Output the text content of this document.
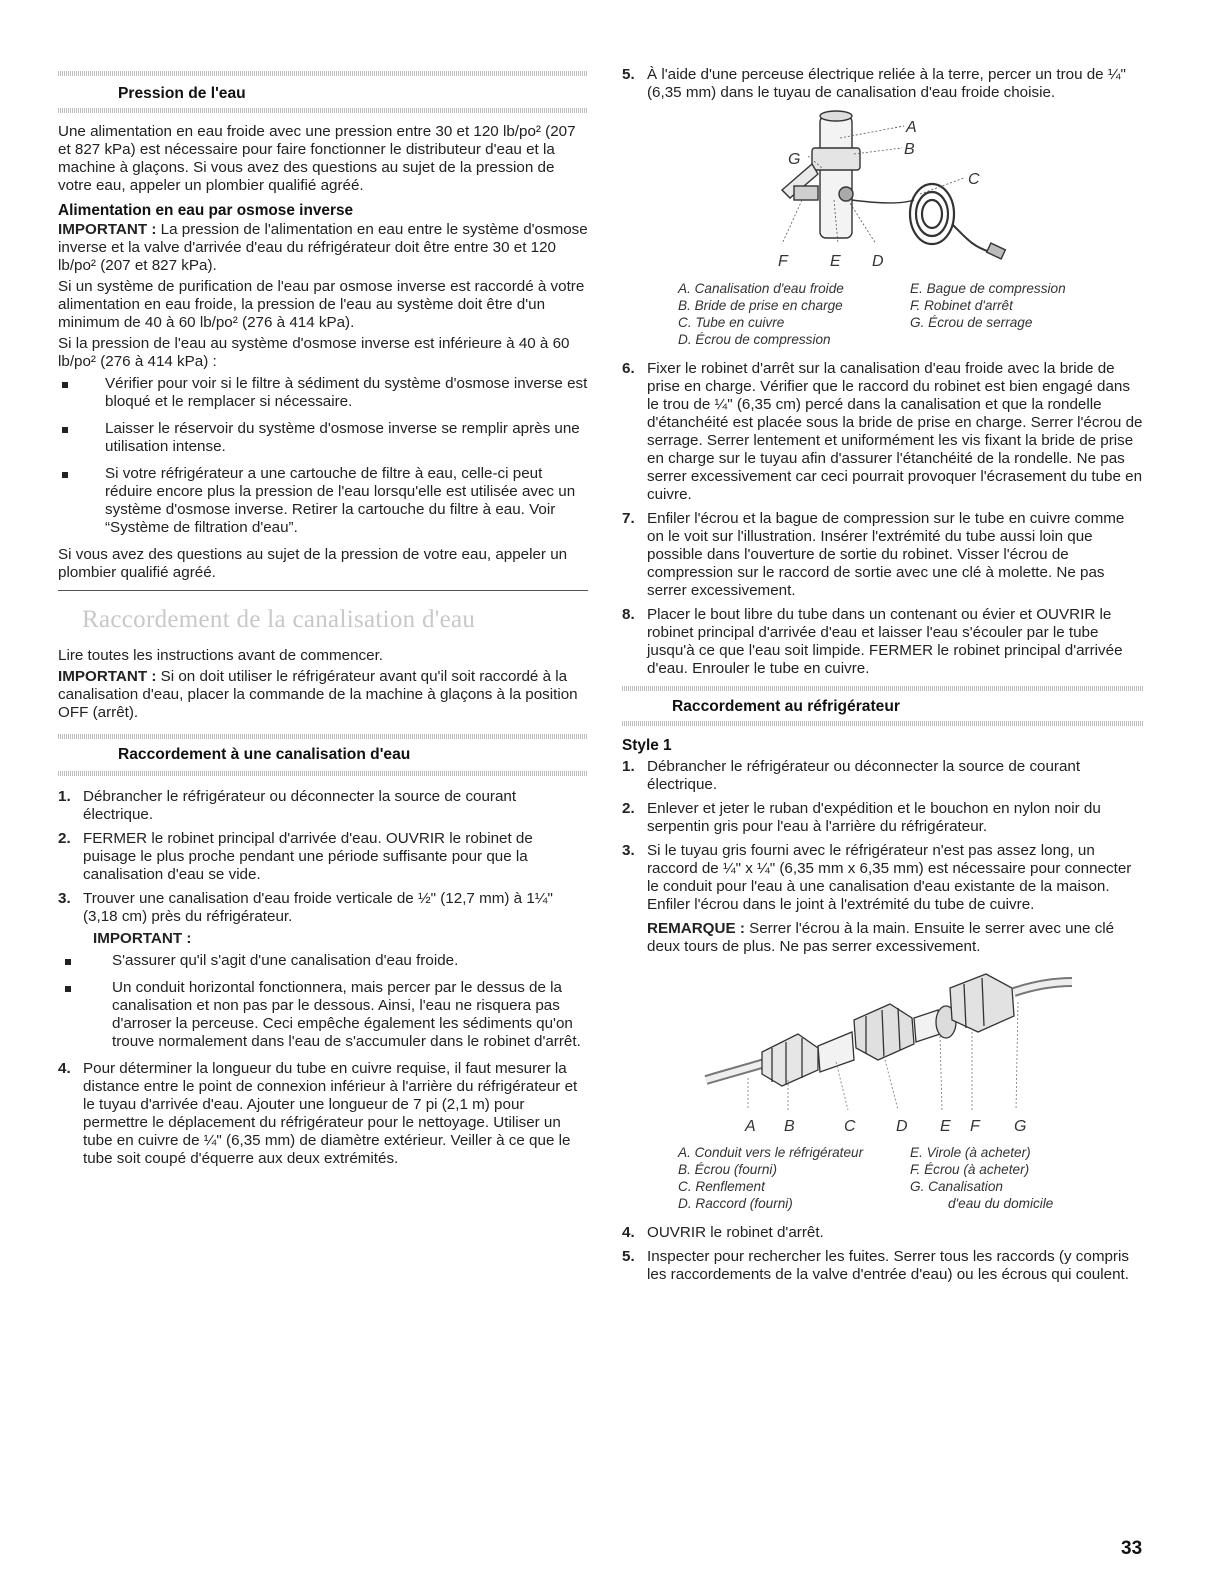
Pression de l'eau

Une alimentation en eau froide avec une pression entre 30 et 120 lb/po² (207 et 827 kPa) est nécessaire pour faire fonctionner le distributeur d'eau et la machine à glaçons. Si vous avez des questions au sujet de la pression de votre eau, appeler un plombier qualifié agréé.

Alimentation en eau par osmose inverse

IMPORTANT : La pression de l'alimentation en eau entre le système d'osmose inverse et la valve d'arrivée d'eau du réfrigérateur doit être entre 30 et 120 lb/po² (207 et 827 kPa).

Si un système de purification de l'eau par osmose inverse est raccordé à votre alimentation en eau froide, la pression de l'eau au système doit être d'un minimum de 40 à 60 lb/po² (276 à 414 kPa).

Si la pression de l'eau au système d'osmose inverse est inférieure à 40 à 60 lb/po² (276 à 414 kPa) :

Vérifier pour voir si le filtre à sédiment du système d'osmose inverse est bloqué et le remplacer si nécessaire.
Laisser le réservoir du système d'osmose inverse se remplir après une utilisation intense.
Si votre réfrigérateur a une cartouche de filtre à eau, celle-ci peut réduire encore plus la pression de l'eau lorsqu'elle est utilisée avec un système d'osmose inverse. Retirer la cartouche du filtre à eau. Voir “Système de filtration d'eau”.

Si vous avez des questions au sujet de la pression de votre eau, appeler un plombier qualifié agréé.

Raccordement de la canalisation d'eau

Lire toutes les instructions avant de commencer.

IMPORTANT : Si on doit utiliser le réfrigérateur avant qu'il soit raccordé à la canalisation d'eau, placer la commande de la machine à glaçons à la position OFF (arrêt).

Raccordement à une canalisation d'eau
1. Débrancher le réfrigérateur ou déconnecter la source de courant électrique.
2. FERMER le robinet principal d'arrivée d'eau. OUVRIR le robinet de puisage le plus proche pendant une période suffisante pour que la canalisation d'eau se vide.
3. Trouver une canalisation d'eau froide verticale de ½" (12,7 mm) à 1¼" (3,18 cm) près du réfrigérateur.
IMPORTANT :
S'assurer qu'il s'agit d'une canalisation d'eau froide.
Un conduit horizontal fonctionnera, mais percer par le dessus de la canalisation et non pas par le dessous. Ainsi, l'eau ne risquera pas d'arroser la perceuse. Ceci empêche également les sédiments qu'on trouve normalement dans l'eau de s'accumuler dans le robinet d'arrêt.
4. Pour déterminer la longueur du tube en cuivre requise, il faut mesurer la distance entre le point de connexion inférieur à l'arrière du réfrigérateur et le tuyau d'arrivée d'eau. Ajouter une longueur de 7 pi (2,1 m) pour permettre le déplacement du réfrigérateur pour le nettoyage. Utiliser un tube en cuivre de ¼" (6,35 mm) de diamètre extérieur. Veiller à ce que le tube soit coupé d'équerre aux deux extrémités.
5. À l'aide d'une perceuse électrique reliée à la terre, percer un trou de ¼" (6,35 mm) dans le tuyau de canalisation d'eau froide choisie.
A
B
C
G
F	E D
A. Canalisation d'eau froide
B. Bride de prise en charge
C. Tube en cuivre
D. Écrou de compression
E. Bague de compression
F. Robinet d'arrêt
G. Écrou de serrage
6. Fixer le robinet d'arrêt sur la canalisation d'eau froide avec la bride de prise en charge. Vérifier que le raccord du robinet est bien engagé dans le trou de ¼" (6,35 cm) percé dans la canalisation et que la rondelle d'étanchéité est placée sous la bride de prise en charge. Serrer l'écrou de serrage. Serrer lentement et uniformément les vis fixant la bride de prise en charge sur le tuyau afin d'assurer l'étanchéité de la rondelle. Ne pas serrer excessivement car ceci pourrait provoquer l'écrasement du tube en cuivre.
7. Enfiler l'écrou et la bague de compression sur le tube en cuivre comme on le voit sur l'illustration. Insérer l'extrémité du tube aussi loin que possible dans l'ouverture de sortie du robinet. Visser l'écrou de compression sur le raccord de sortie avec une clé à molette. Ne pas serrer excessivement.
8. Placer le bout libre du tube dans un contenant ou évier et OUVRIR le robinet principal d'arrivée d'eau et laisser l'eau s'écouler par le tube jusqu'à ce que l'eau soit limpide. FERMER le robinet principal d'arrivée d'eau. Enrouler le tube en cuivre.
Raccordement au réfrigérateur
Style 1
1. Débrancher le réfrigérateur ou déconnecter la source de courant électrique.
2. Enlever et jeter le ruban d'expédition et le bouchon en nylon noir du serpentin gris pour l'eau à l'arrière du réfrigérateur.
3. Si le tuyau gris fourni avec le réfrigérateur n'est pas assez long, un raccord de ¼" x ¼" (6,35 mm x 6,35 mm) est nécessaire pour connecter le conduit pour l'eau à une canalisation d'eau existante de la maison. Enfiler l'écrou dans le joint à l'extrémité du tube de cuivre.

REMARQUE : Serrer l'écrou à la main. Ensuite le serrer avec une clé deux tours de plus. Ne pas serrer excessivement.

A B	C	D E F G
A. Conduit vers le réfrigérateur
B. Écrou (fourni)
C. Renflement
D. Raccord (fourni)
E. Virole (à acheter)
F. Écrou (à acheter)
G. Canalisation
d'eau du domicile
4. OUVRIR le robinet d'arrêt.
5. Inspecter pour rechercher les fuites. Serrer tous les raccords (y compris les raccordements de la valve d'entrée d'eau) ou les écrous qui coulent.
33
